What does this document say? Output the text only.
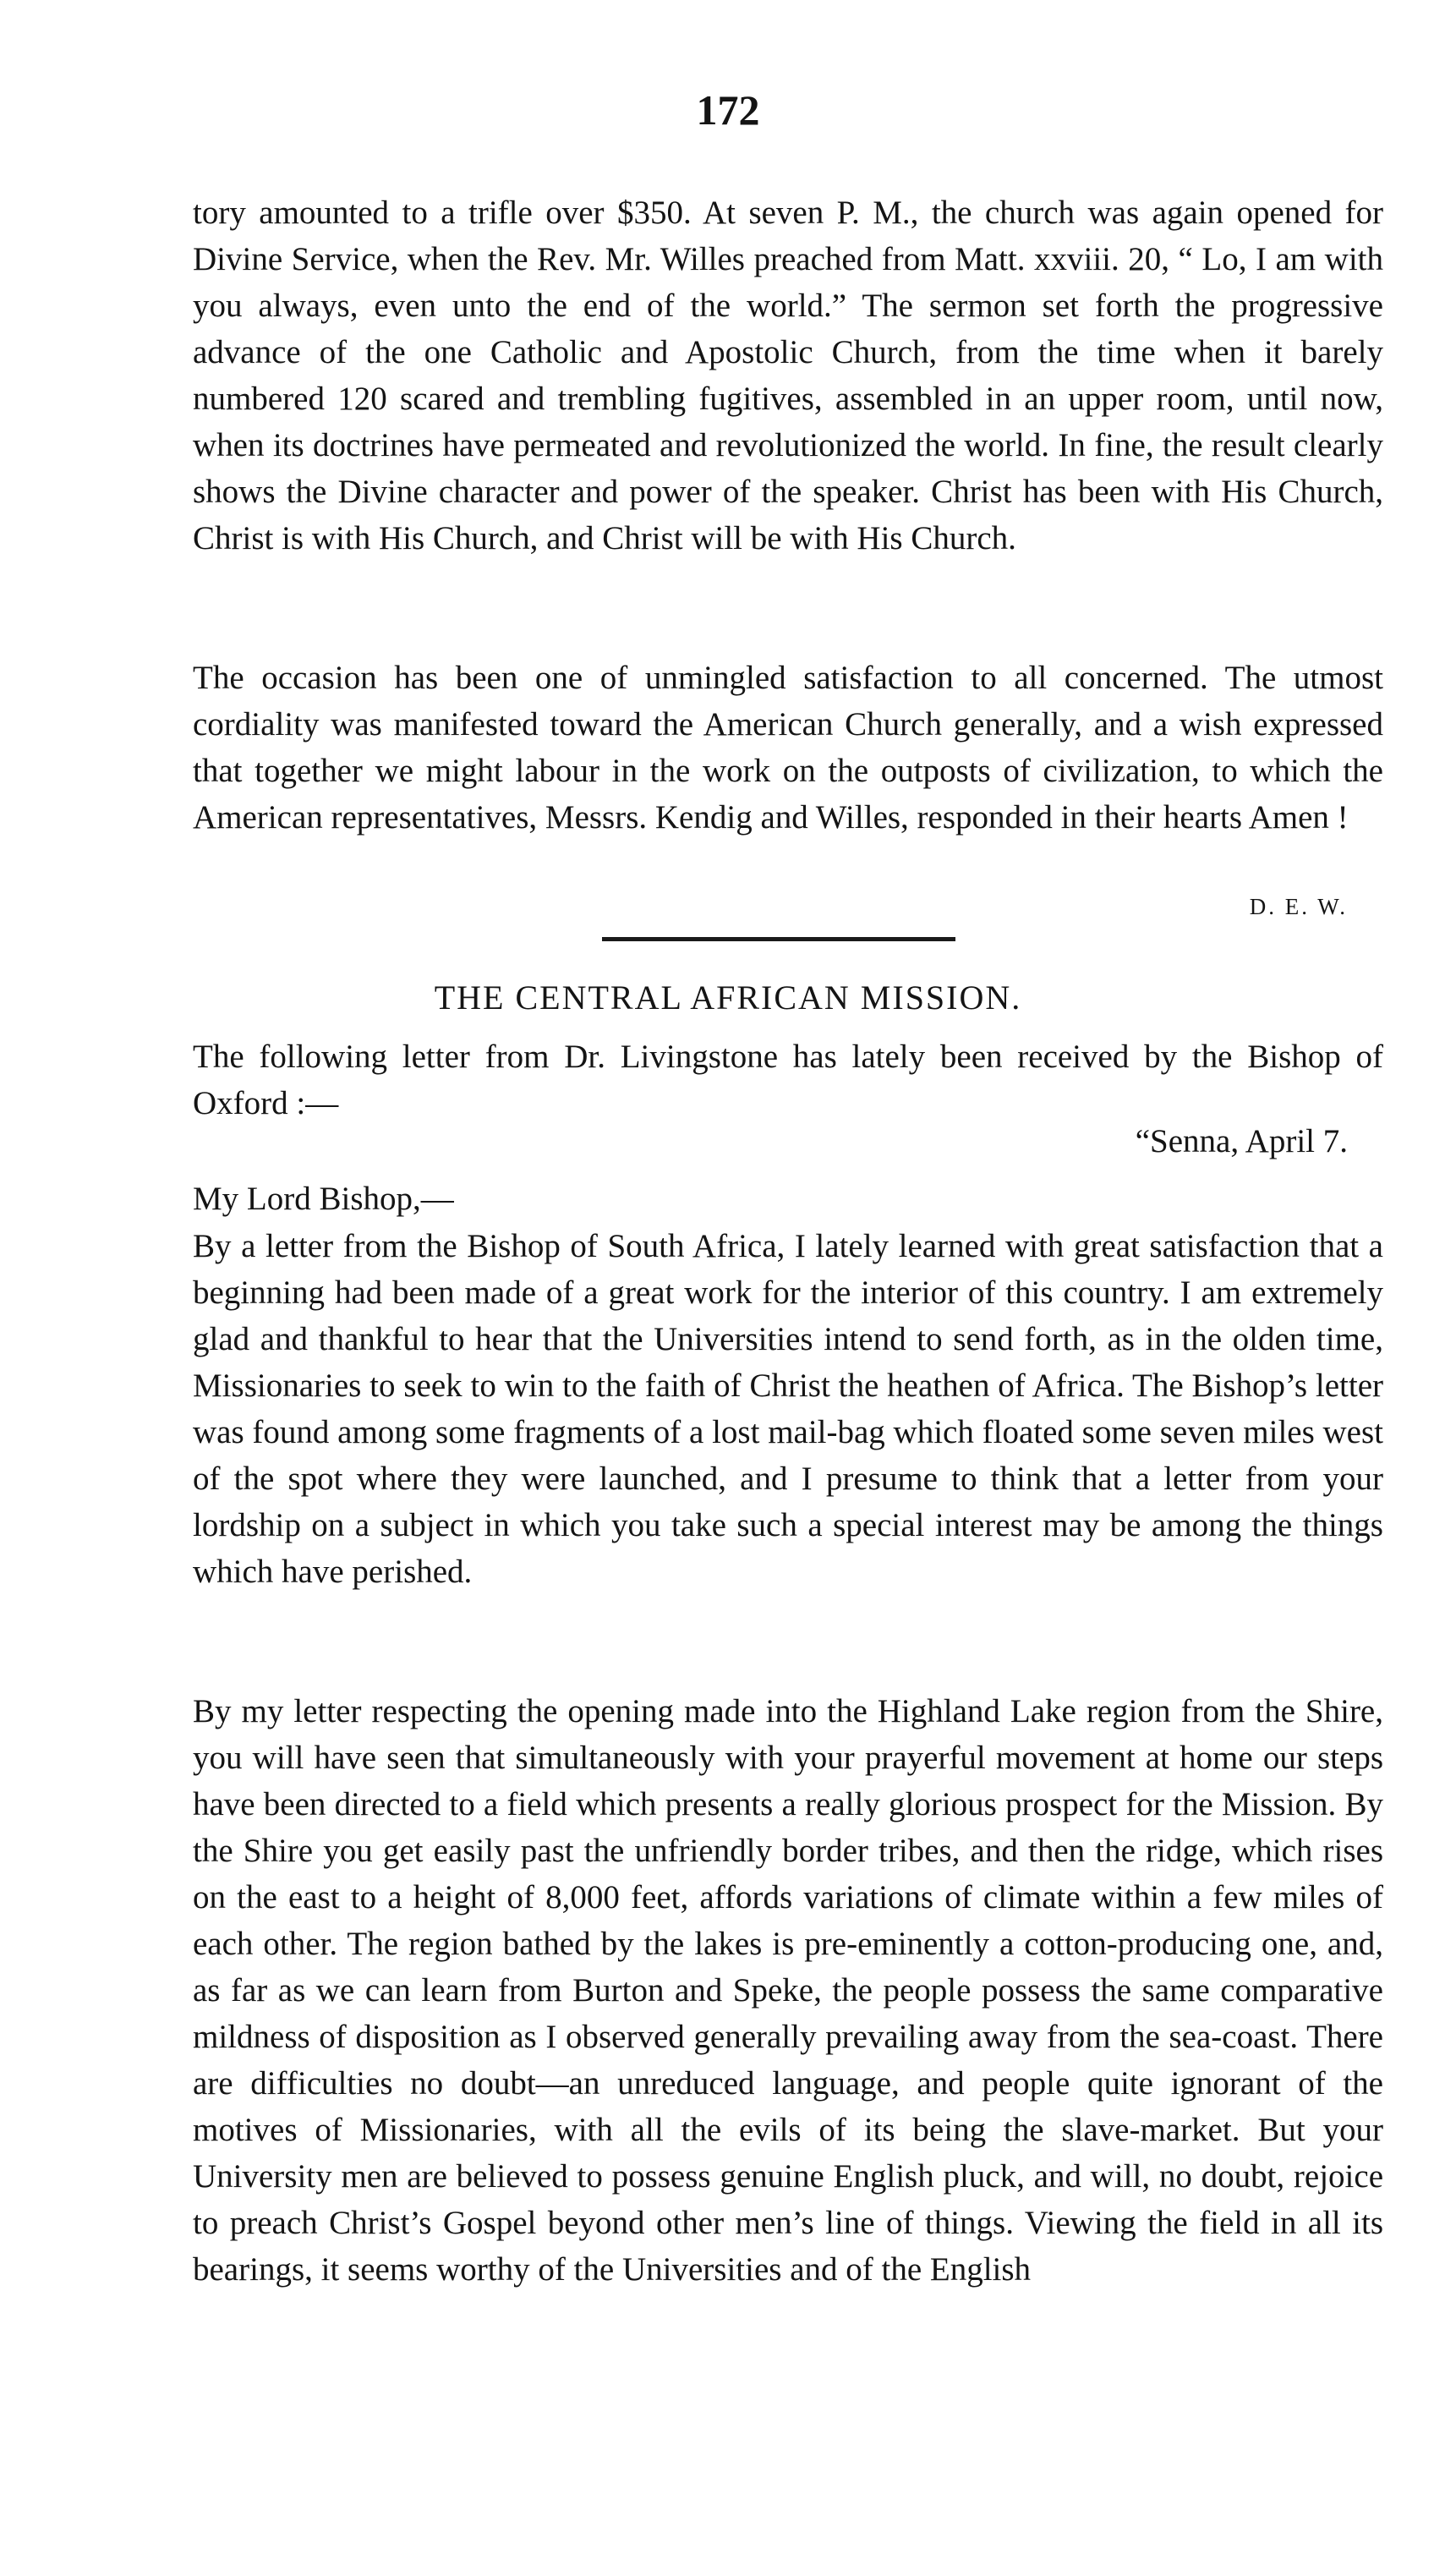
172

tory amounted to a trifle over $350. At seven P. M., the church was again opened for Divine Service, when the Rev. Mr. Willes preached from Matt. xxviii. 20, “ Lo, I am with you always, even unto the end of the world.” The sermon set forth the progressive advance of the one Catholic and Apostolic Church, from the time when it barely numbered 120 scared and trembling fugitives, assembled in an upper room, until now, when its doctrines have permeated and revolutionized the world. In fine, the result clearly shows the Divine character and power of the speaker. Christ has been with His Church, Christ is with His Church, and Christ will be with His Church.

The occasion has been one of unmingled satisfaction to all concerned. The utmost cordiality was manifested toward the American Church generally, and a wish expressed that together we might labour in the work on the outposts of civilization, to which the American representatives, Messrs. Kendig and Willes, responded in their hearts Amen !

D. E. W.
THE CENTRAL AFRICAN MISSION.

The following letter from Dr. Livingstone has lately been received by the Bishop of Oxford :—

“Senna, April 7.
My Lord Bishop,—

By a letter from the Bishop of South Africa, I lately learned with great satisfaction that a beginning had been made of a great work for the interior of this country. I am extremely glad and thankful to hear that the Universities intend to send forth, as in the olden time, Missionaries to seek to win to the faith of Christ the heathen of Africa. The Bishop’s letter was found among some fragments of a lost mail-bag which floated some seven miles west of the spot where they were launched, and I presume to think that a letter from your lordship on a subject in which you take such a special interest may be among the things which have perished.

By my letter respecting the opening made into the Highland Lake region from the Shire, you will have seen that simultaneously with your prayerful movement at home our steps have been directed to a field which presents a really glorious prospect for the Mission. By the Shire you get easily past the unfriendly border tribes, and then the ridge, which rises on the east to a height of 8,000 feet, affords variations of climate within a few miles of each other. The region bathed by the lakes is pre-eminently a cotton-producing one, and, as far as we can learn from Burton and Speke, the people possess the same comparative mildness of disposition as I observed generally prevailing away from the sea-coast. There are difficulties no doubt—an unreduced language, and people quite ignorant of the motives of Missionaries, with all the evils of its being the slave-market. But your University men are believed to possess genuine English pluck, and will, no doubt, rejoice to preach Christ’s Gospel beyond other men’s line of things. Viewing the field in all its bearings, it seems worthy of the Universities and of the English
